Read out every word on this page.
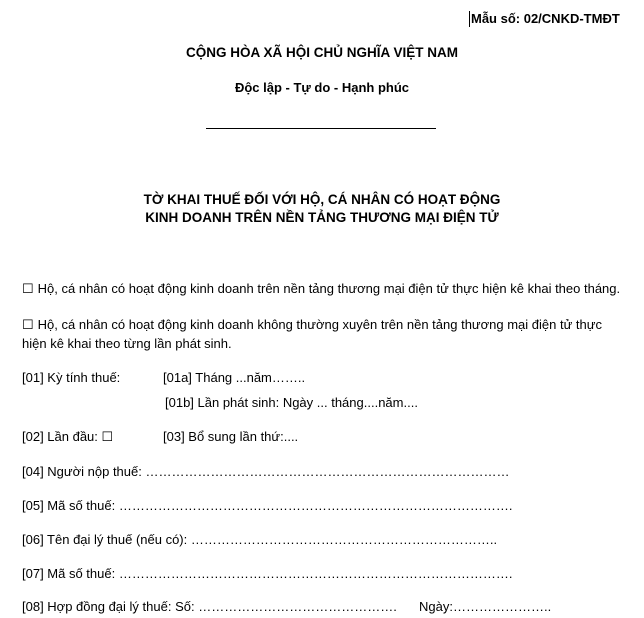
Mẫu số: 02/CNKD-TMĐT
CỘNG HÒA XÃ HỘI CHỦ NGHĨA VIỆT NAM
Độc lập - Tự do - Hạnh phúc
TỜ KHAI THUẾ ĐỐI VỚI HỘ, CÁ NHÂN CÓ HOẠT ĐỘNG
KINH DOANH TRÊN NỀN TẢNG THƯƠNG MẠI ĐIỆN TỬ
☐ Hộ, cá nhân có hoạt động kinh doanh trên nền tảng thương mại điện tử thực hiện kê khai theo tháng.
☐ Hộ, cá nhân có hoạt động kinh doanh không thường xuyên trên nền tảng thương mại điện tử thực
hiện kê khai theo từng lần phát sinh.
[01] Kỳ tính thuế:	[01a] Tháng ...năm……..
[01b] Lần phát sinh: Ngày ... tháng....năm....
[02] Lần đầu: ☐	[03] Bổ sung lần thứ:....
[04] Người nộp thuế: …………………………………………………………………………
[05] Mã số thuế: ……………………………………………………………………………….
[06] Tên đại lý thuế (nếu có): ……………………………………………………………..
[07] Mã số thuế: ……………………………………………………………………………….
[08] Hợp đồng đại lý thuế: Số: ………………………………………. Ngày:…………………..
